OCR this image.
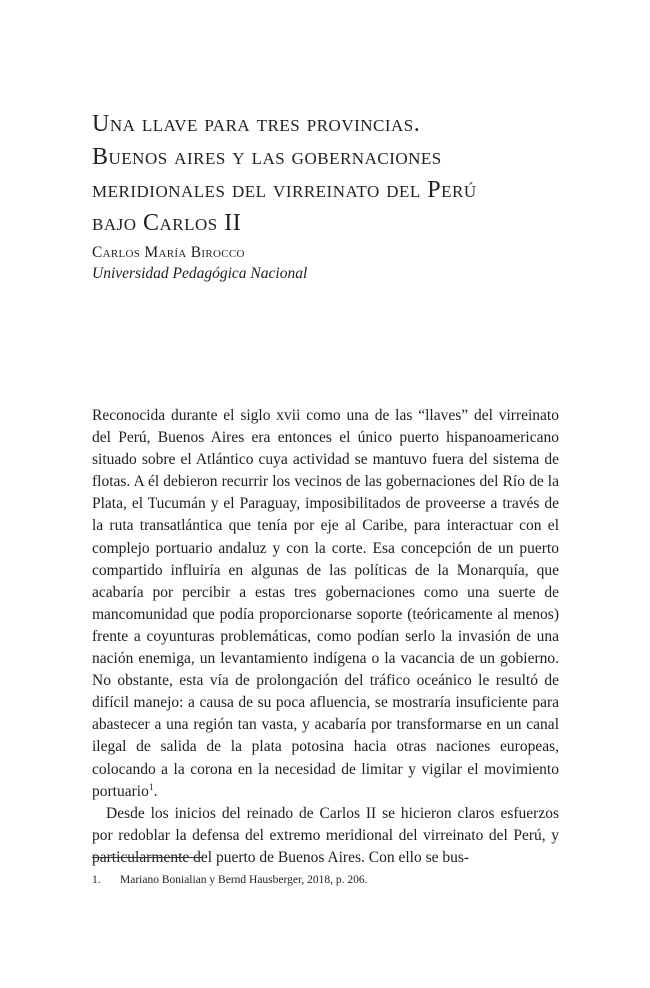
Una llave para tres provincias.
Buenos aires y las gobernaciones
meridionales del virreinato del Perú
bajo Carlos II
Carlos María Birocco
Universidad Pedagógica Nacional

Reconocida durante el siglo xvii como una de las “llaves” del virreinato del Perú, Buenos Aires era entonces el único puerto hispanoamericano situado sobre el Atlántico cuya actividad se mantuvo fuera del sistema de flotas. A él debieron recurrir los vecinos de las gobernaciones del Río de la Plata, el Tucumán y el Paraguay, imposibilitados de proveerse a través de la ruta transatlántica que tenía por eje al Caribe, para interactuar con el complejo portuario andaluz y con la corte. Esa concepción de un puerto compartido influiría en algunas de las políticas de la Monarquía, que acabaría por percibir a estas tres gobernaciones como una suerte de mancomunidad que podía proporcionarse soporte (teóricamente al menos) frente a coyunturas problemáticas, como podían serlo la invasión de una nación enemiga, un levantamiento indígena o la vacancia de un gobierno. No obstante, esta vía de prolongación del tráfico oceánico le resultó de difícil manejo: a causa de su poca afluencia, se mostraría insuficiente para abastecer a una región tan vasta, y acabaría por transformarse en un canal ilegal de salida de la plata potosina hacia otras naciones europeas, colocando a la corona en la necesidad de limitar y vigilar el movimiento portuario$^1$.

Desde los inicios del reinado de Carlos II se hicieron claros esfuerzos por redoblar la defensa del extremo meridional del virreinato del Perú, y particularmente del puerto de Buenos Aires. Con ello se bus-

1. Mariano Bonialian y Bernd Hausberger, 2018, p. 206.
